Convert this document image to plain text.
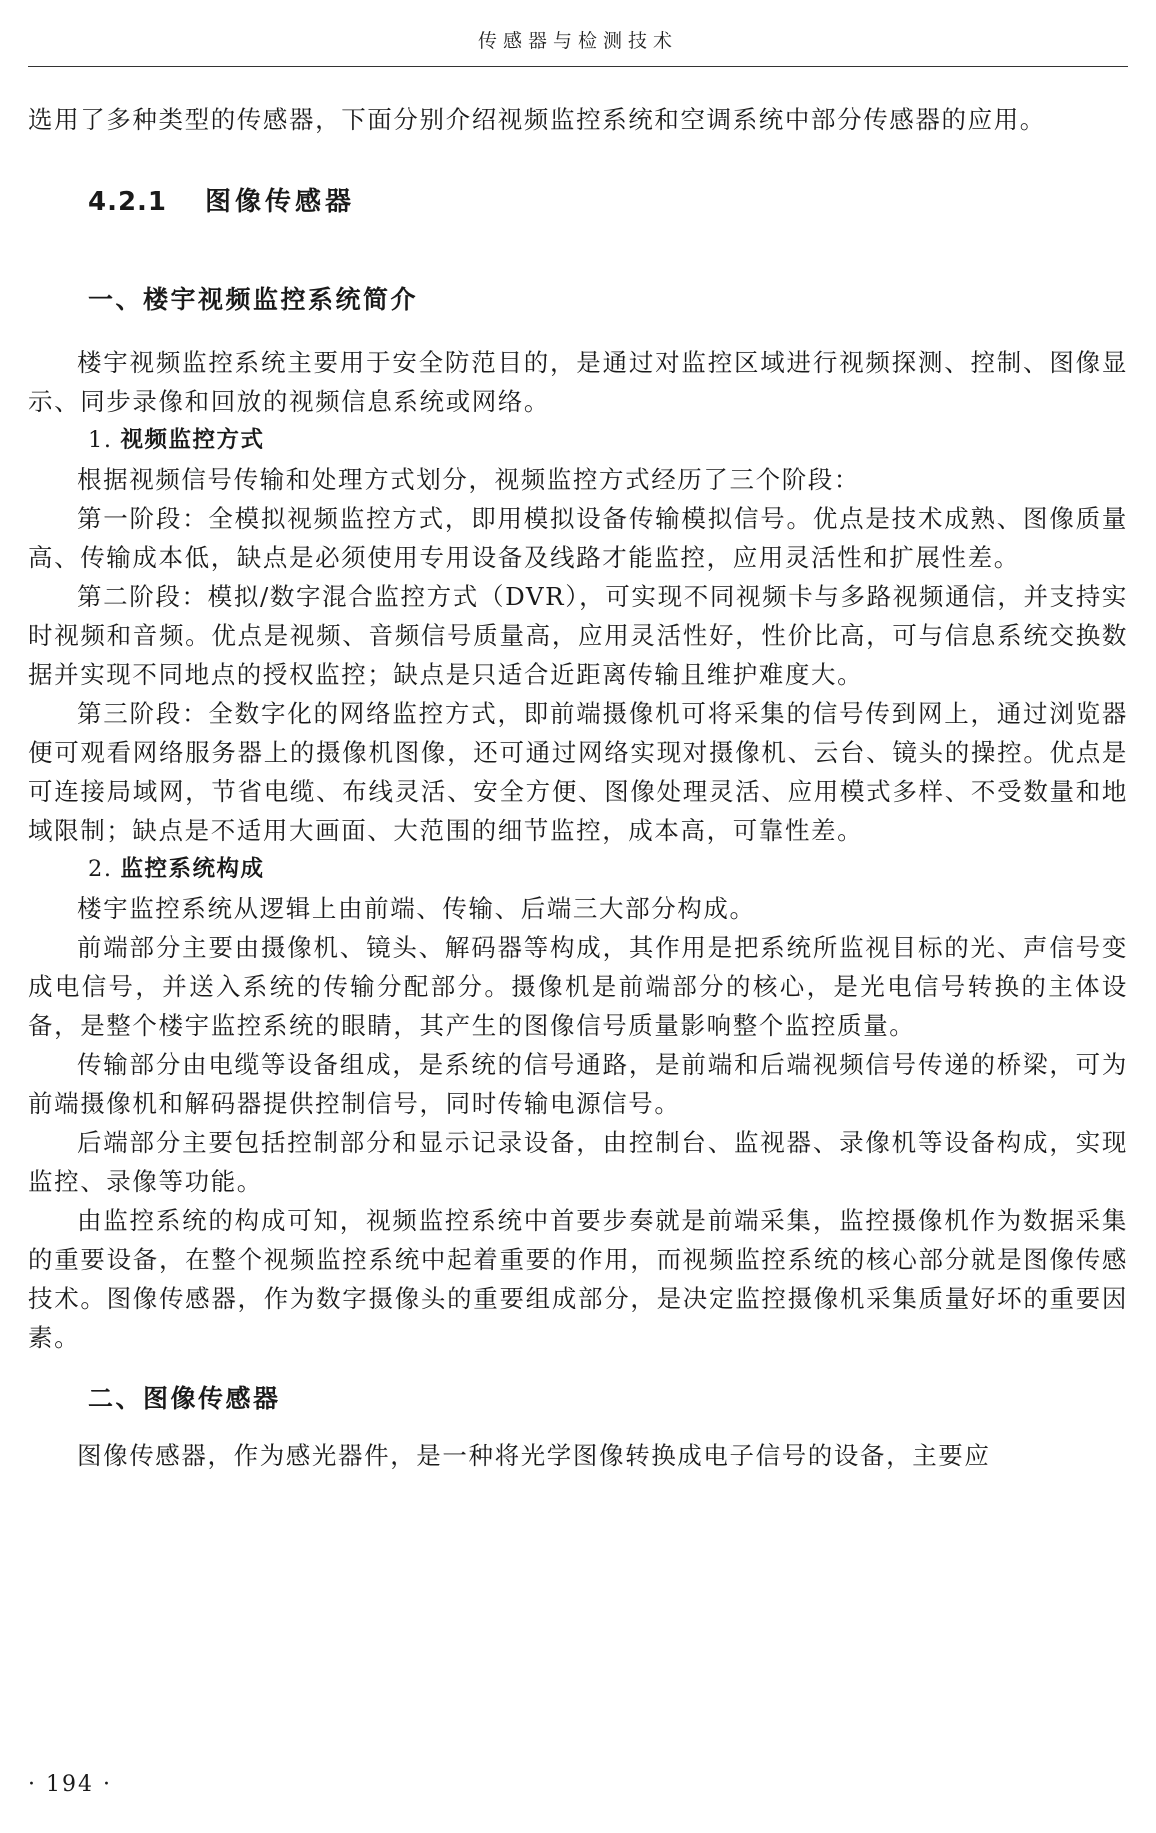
传感器与检测技术

选用了多种类型的传感器，下面分别介绍视频监控系统和空调系统中部分传感器的应用。

4.2.1 图像传感器
一、楼宇视频监控系统简介

楼宇视频监控系统主要用于安全防范目的，是通过对监控区域进行视频探测、控制、图像显示、同步录像和回放的视频信息系统或网络。

1. 视频监控方式

根据视频信号传输和处理方式划分，视频监控方式经历了三个阶段：

第一阶段：全模拟视频监控方式，即用模拟设备传输模拟信号。优点是技术成熟、图像质量高、传输成本低，缺点是必须使用专用设备及线路才能监控，应用灵活性和扩展性差。

第二阶段：模拟/数字混合监控方式（DVR），可实现不同视频卡与多路视频通信，并支持实时视频和音频。优点是视频、音频信号质量高，应用灵活性好，性价比高，可与信息系统交换数据并实现不同地点的授权监控；缺点是只适合近距离传输且维护难度大。

第三阶段：全数字化的网络监控方式，即前端摄像机可将采集的信号传到网上，通过浏览器便可观看网络服务器上的摄像机图像，还可通过网络实现对摄像机、云台、镜头的操控。优点是可连接局域网，节省电缆、布线灵活、安全方便、图像处理灵活、应用模式多样、不受数量和地域限制；缺点是不适用大画面、大范围的细节监控，成本高，可靠性差。

2. 监控系统构成

楼宇监控系统从逻辑上由前端、传输、后端三大部分构成。

前端部分主要由摄像机、镜头、解码器等构成，其作用是把系统所监视目标的光、声信号变成电信号，并送入系统的传输分配部分。摄像机是前端部分的核心，是光电信号转换的主体设备，是整个楼宇监控系统的眼睛，其产生的图像信号质量影响整个监控质量。

传输部分由电缆等设备组成，是系统的信号通路，是前端和后端视频信号传递的桥梁，可为前端摄像机和解码器提供控制信号，同时传输电源信号。

后端部分主要包括控制部分和显示记录设备，由控制台、监视器、录像机等设备构成，实现监控、录像等功能。

由监控系统的构成可知，视频监控系统中首要步奏就是前端采集，监控摄像机作为数据采集的重要设备，在整个视频监控系统中起着重要的作用，而视频监控系统的核心部分就是图像传感技术。图像传感器，作为数字摄像头的重要组成部分，是决定监控摄像机采集质量好坏的重要因素。

二、图像传感器

图像传感器，作为感光器件，是一种将光学图像转换成电子信号的设备，主要应

· 194 ·
